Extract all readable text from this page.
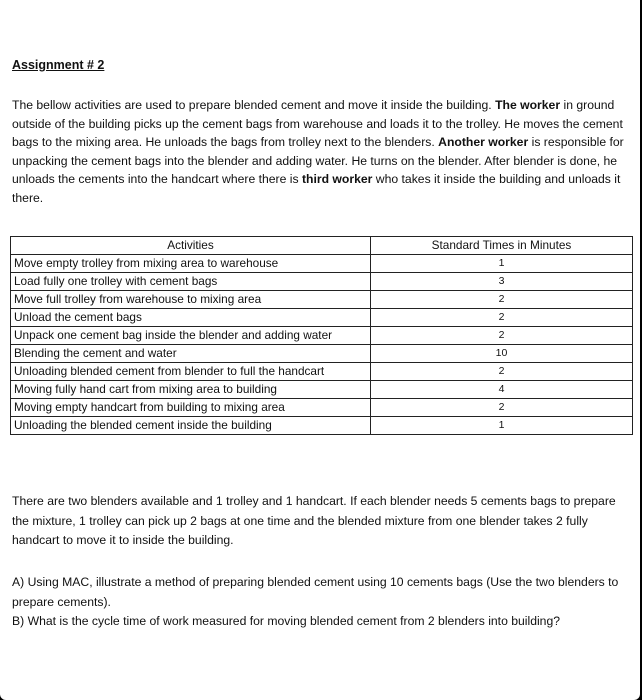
Assignment # 2
The bellow activities are used to prepare blended cement and move it inside the building. The worker in ground outside of the building picks up the cement bags from warehouse and loads it to the trolley. He moves the cement bags to the mixing area. He unloads the bags from trolley next to the blenders. Another worker is responsible for unpacking the cement bags into the blender and adding water. He turns on the blender. After blender is done, he unloads the cements into the handcart where there is third worker who takes it inside the building and unloads it there.
Activities	Standard Times in Minutes
Move empty trolley from mixing area to warehouse	1
Load fully one trolley with cement bags	3
Move full trolley from warehouse to mixing area	2
Unload the cement bags	2
Unpack one cement bag inside the blender and adding water	2
Blending the cement and water	10
Unloading blended cement from blender to full the handcart	2
Moving fully hand cart from mixing area to building	4
Moving empty handcart from building to mixing area	2
Unloading the blended cement inside the building	1
There are two blenders available and 1 trolley and 1 handcart. If each blender needs 5 cements bags to prepare the mixture, 1 trolley can pick up 2 bags at one time and the blended mixture from one blender takes 2 fully handcart to move it to inside the building.

A) Using MAC, illustrate a method of preparing blended cement using 10 cements bags (Use the two blenders to prepare cements).

B) What is the cycle time of work measured for moving blended cement from 2 blenders into building?
